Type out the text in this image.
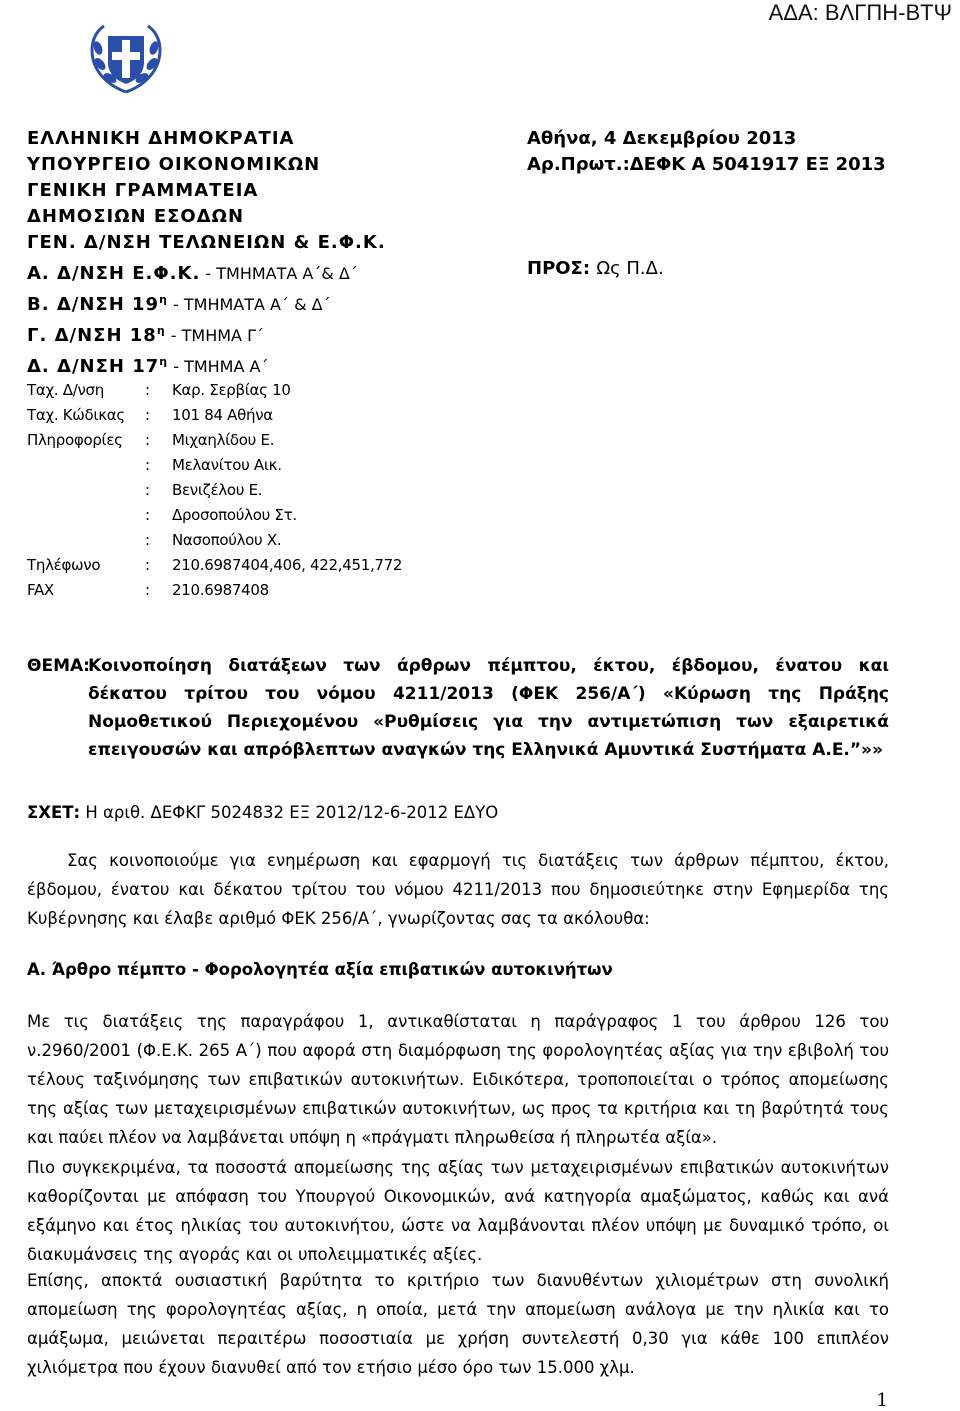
ΑΔΑ: ΒΛΓΠΗ-ΒΤΨ
ΕΛΛΗΝΙΚΗ ΔΗΜΟΚΡΑΤΙΑ
ΥΠΟΥΡΓΕΙΟ ΟΙΚΟΝΟΜΙΚΩΝ
ΓΕΝΙΚΗ ΓΡΑΜΜΑΤΕΙΑ
ΔΗΜΟΣΙΩΝ ΕΣΟΔΩΝ
ΓΕΝ. Δ/ΝΣΗ ΤΕΛΩΝΕΙΩΝ & Ε.Φ.Κ.
Α. Δ/ΝΣΗ Ε.Φ.Κ. - ΤΜΗΜΑΤΑ Α΄& Δ΄
Β. Δ/ΝΣΗ $19^\eta$ - ΤΜΗΜΑΤΑ Α΄ & Δ΄
Γ. Δ/ΝΣΗ $18^\eta$ - ΤΜΗΜΑ Γ΄
Δ. Δ/ΝΣΗ $17^\eta$ - ΤΜΗΜΑ Α΄
Αθήνα, 4 Δεκεμβρίου 2013
Αρ.Πρωτ.:ΔΕΦΚ Α 5041917 ΕΞ 2013
ΠΡΟΣ: Ως Π.Δ.
Ταχ. Δ/νση	: Καρ. Σερβίας 10
Ταχ. Κώδικας : 101 84 Αθήνα
Πληροφορίες : Μιχαηλίδου Ε.
: Μελανίτου Αικ.
: Βενιζέλου Ε.
: Δροσοπούλου Στ.
: Νασοπούλου Χ.
Τηλέφωνο	: 210.6987404,406, 422,451,772
FAX	: 210.6987408
ΘΕΜΑ:
Κοινοποίηση διατάξεων των άρθρων πέμπτου, έκτου, έβδομου, ένατου και δέκατου τρίτου του νόμου 4211/2013 (ΦΕΚ 256/Α΄) «Κύρωση της Πράξης Νομοθετικού Περιεχομένου «Ρυθμίσεις για την αντιμετώπιση των εξαιρετικά επειγουσών και απρόβλεπτων αναγκών της Ελληνικά Αμυντικά Συστήματα Α.Ε.”»»
ΣΧΕΤ: Η αριθ. ΔΕΦΚΓ 5024832 ΕΞ 2012/12-6-2012 ΕΔΥΟ
Σας κοινοποιούμε για ενημέρωση και εφαρμογή τις διατάξεις των άρθρων πέμπτου, έκτου, έβδομου, ένατου και δέκατου τρίτου του νόμου 4211/2013 που δημοσιεύτηκε στην Εφημερίδα της Κυβέρνησης και έλαβε αριθμό ΦΕΚ 256/Α΄, γνωρίζοντας σας τα ακόλουθα:
Α. Άρθρο πέμπτο - Φορολογητέα αξία επιβατικών αυτοκινήτων
Με τις διατάξεις της παραγράφου 1, αντικαθίσταται η παράγραφος 1 του άρθρου 126 του ν.2960/2001 (Φ.Ε.Κ. 265 Α΄) που αφορά στη διαμόρφωση της φορολογητέας αξίας για την εβιβολή του τέλους ταξινόμησης των επιβατικών αυτοκινήτων. Ειδικότερα, τροποποιείται ο τρόπος απομείωσης της αξίας των μεταχειρισμένων επιβατικών αυτοκινήτων, ως προς τα κριτήρια και τη βαρύτητά τους και παύει πλέον να λαμβάνεται υπόψη η «πράγματι πληρωθείσα ή πληρωτέα αξία».
Πιο συγκεκριμένα, τα ποσοστά απομείωσης της αξίας των μεταχειρισμένων επιβατικών αυτοκινήτων καθορίζονται με απόφαση του Υπουργού Οικονομικών, ανά κατηγορία αμαξώματος, καθώς και ανά εξάμηνο και έτος ηλικίας του αυτοκινήτου, ώστε να λαμβάνονται πλέον υπόψη με δυναμικό τρόπο, οι διακυμάνσεις της αγοράς και οι υπολειμματικές αξίες.
Επίσης, αποκτά ουσιαστική βαρύτητα το κριτήριο των διανυθέντων χιλιομέτρων στη συνολική απομείωση της φορολογητέας αξίας, η οποία, μετά την απομείωση ανάλογα με την ηλικία και το αμάξωμα, μειώνεται περαιτέρω ποσοστιαία με χρήση συντελεστή 0,30 για κάθε 100 επιπλέον χιλιόμετρα που έχουν διανυθεί από τον ετήσιο μέσο όρο των 15.000 χλμ.
1
